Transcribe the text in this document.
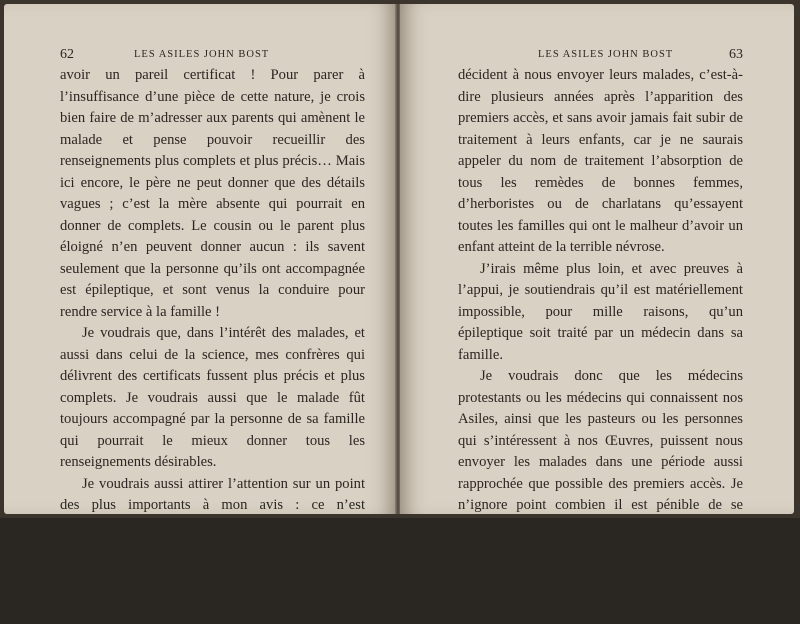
62	LES ASILES JOHN BOST

avoir un pareil certificat ! Pour parer à l’insuffisance d’une pièce de cette nature, je crois bien faire de m’adresser aux parents qui amènent le malade et pense pouvoir recueillir des renseignements plus complets et plus précis… Mais ici encore, le père ne peut donner que des détails vagues ; c’est la mère absente qui pourrait en donner de complets. Le cousin ou le parent plus éloigné n’en peuvent donner aucun : ils savent seulement que la personne qu’ils ont accompagnée est épileptique, et sont venus la conduire pour rendre service à la famille !

Je voudrais que, dans l’intérêt des malades, et aussi dans celui de la science, mes confrères qui délivrent des certificats fussent plus précis et plus complets. Je voudrais aussi que le malade fût toujours accompagné par la personne de sa famille qui pourrait le mieux donner tous les renseignements désirables.

Je voudrais aussi attirer l’attention sur un point des plus importants à mon avis : ce n’est généralement que lorsque les familles ne peuvent plus garder à la maison leurs enfants épileptiques, soit par crainte de la contagion pour d’autres enfants, soit pour des motifs d’un autre ordre, qu’elles se

LES ASILES JOHN BOST	63

décident à nous envoyer leurs malades, c’est-à-dire plusieurs années après l’apparition des premiers accès, et sans avoir jamais fait subir de traitement à leurs enfants, car je ne saurais appeler du nom de traitement l’absorption de tous les remèdes de bonnes femmes, d’herboristes ou de charlatans qu’essayent toutes les familles qui ont le malheur d’avoir un enfant atteint de la terrible névrose.

J’irais même plus loin, et avec preuves à l’appui, je soutiendrais qu’il est matériellement impossible, pour mille raisons, qu’un épileptique soit traité par un médecin dans sa famille.

Je voudrais donc que les médecins protestants ou les médecins qui connaissent nos Asiles, ainsi que les pasteurs ou les personnes qui s’intéressent à nos Œuvres, puissent nous envoyer les malades dans une période aussi rapprochée que possible des premiers accès. Je n’ignore point combien il est pénible de se séparer d’un être doublement chéri, et de l’envoyer quelquefois d’une extrémité de la France à l’autre, et même plus loin, mais je suis persuadé que, dans l’intérêt des malades, une décision prompte est le parti le plus sage.
